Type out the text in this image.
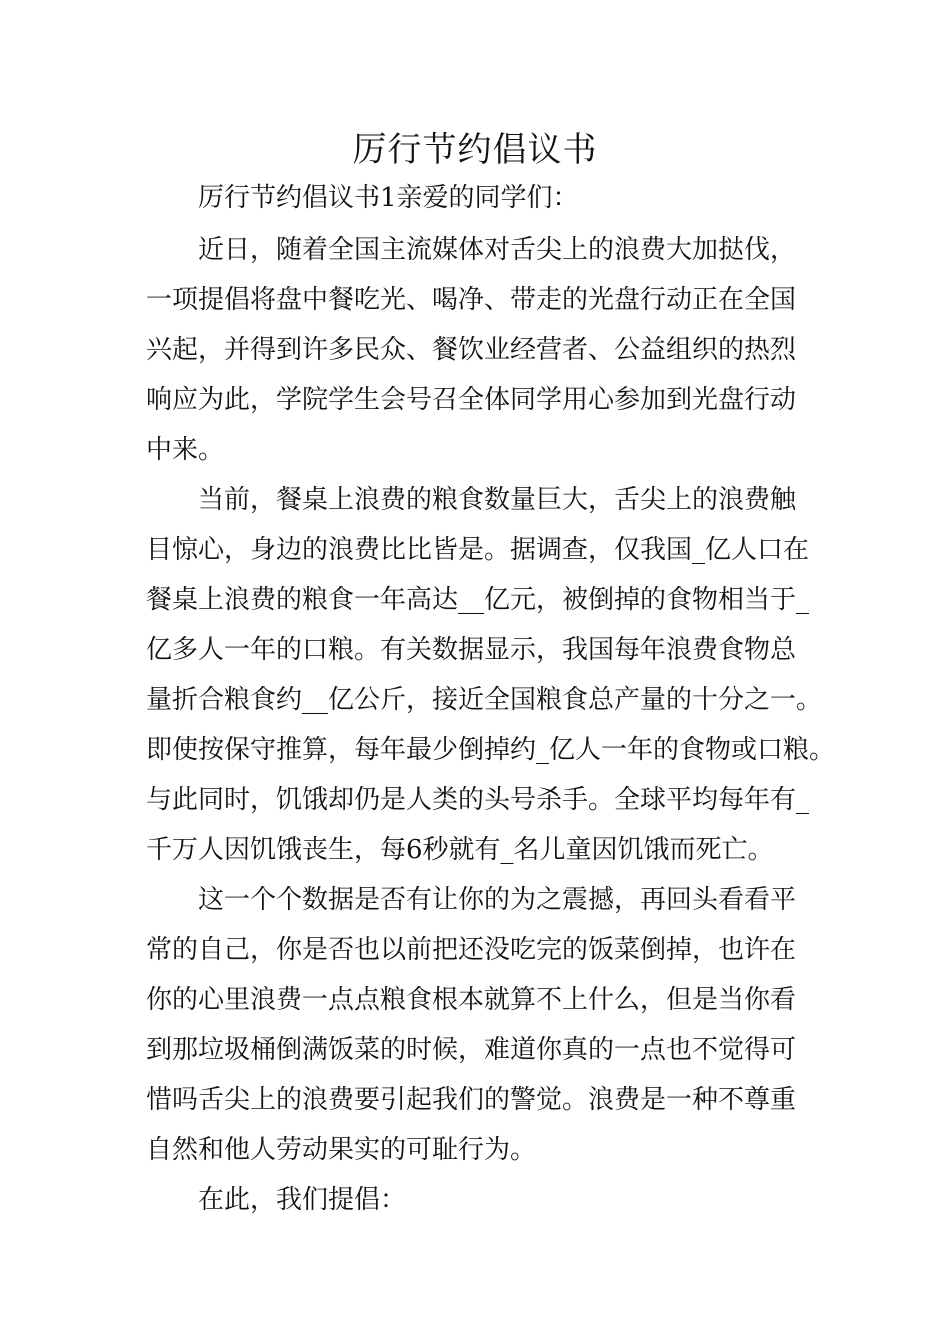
厉行节约倡议书

厉行节约倡议书1亲爱的同学们：

近日，随着全国主流媒体对舌尖上的浪费大加挞伐，

一项提倡将盘中餐吃光、喝净、带走的光盘行动正在全国

兴起，并得到许多民众、餐饮业经营者、公益组织的热烈

响应为此，学院学生会号召全体同学用心参加到光盘行动

中来。

当前，餐桌上浪费的粮食数量巨大，舌尖上的浪费触

目惊心，身边的浪费比比皆是。据调查，仅我国_亿人口在

餐桌上浪费的粮食一年高达__亿元，被倒掉的食物相当于_

亿多人一年的口粮。有关数据显示，我国每年浪费食物总

量折合粮食约__亿公斤，接近全国粮食总产量的十分之一。

即使按保守推算，每年最少倒掉约_亿人一年的食物或口粮。

与此同时，饥饿却仍是人类的头号杀手。全球平均每年有_

千万人因饥饿丧生，每6秒就有_名儿童因饥饿而死亡。

这一个个数据是否有让你的为之震撼，再回头看看平

常的自己，你是否也以前把还没吃完的饭菜倒掉，也许在

你的心里浪费一点点粮食根本就算不上什么，但是当你看

到那垃圾桶倒满饭菜的时候，难道你真的一点也不觉得可

惜吗舌尖上的浪费要引起我们的警觉。浪费是一种不尊重

自然和他人劳动果实的可耻行为。

在此，我们提倡：
